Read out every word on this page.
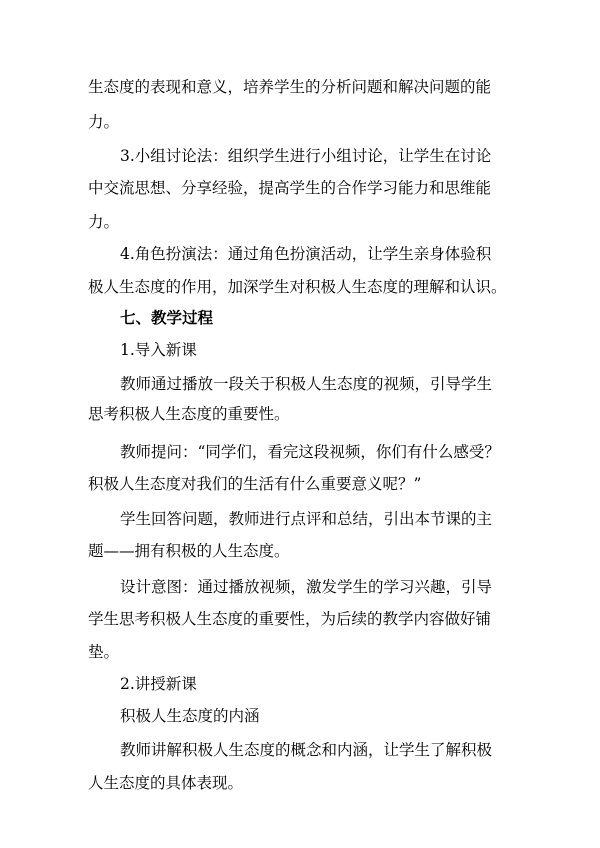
生态度的表现和意义，培养学生的分析问题和解决问题的能

力。

3.小组讨论法：组织学生进行小组讨论，让学生在讨论

中交流思想、分享经验，提高学生的合作学习能力和思维能

力。

4.角色扮演法：通过角色扮演活动，让学生亲身体验积

极人生态度的作用，加深学生对积极人生态度的理解和认识。

七、教学过程

1.导入新课

教师通过播放一段关于积极人生态度的视频，引导学生

思考积极人生态度的重要性。

教师提问：“同学们，看完这段视频，你们有什么感受？

积极人生态度对我们的生活有什么重要意义呢？”

学生回答问题，教师进行点评和总结，引出本节课的主

题——拥有积极的人生态度。

设计意图：通过播放视频，激发学生的学习兴趣，引导

学生思考积极人生态度的重要性，为后续的教学内容做好铺

垫。

2.讲授新课

积极人生态度的内涵

教师讲解积极人生态度的概念和内涵，让学生了解积极

人生态度的具体表现。
